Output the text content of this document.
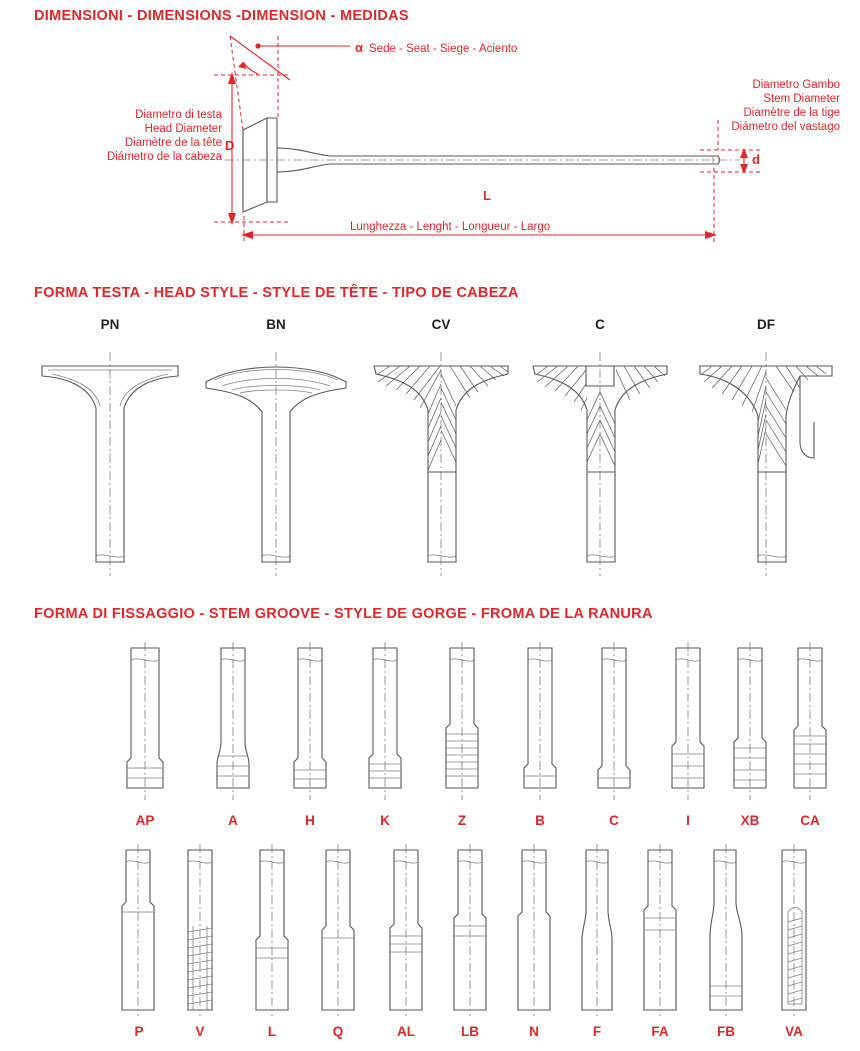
DIMENSIONI - DIMENSIONS -DIMENSION - MEDIDAS
α Sede - Seat - Siege - Aciento
Diametro di testa
Head Diameter
Diamètre de la tête
Diámetro de la cabeza
D
Diametro Gambo
Stem Diameter
Diamètre de la tige
Diámetro del vastago
d
L
Lunghezza - Lenght - Longueur - Largo
FORMA TESTA - HEAD STYLE - STYLE DE TÊTE - TIPO DE CABEZA
PN	BN	CV	C	DF
FORMA DI FISSAGGIO - STEM GROOVE - STYLE DE GORGE - FROMA DE LA RANURA
AP	A	H	K	Z	B	C	I	XB	CA
P	V	L	Q	AL	LB	N	F	FA	FB	VA
